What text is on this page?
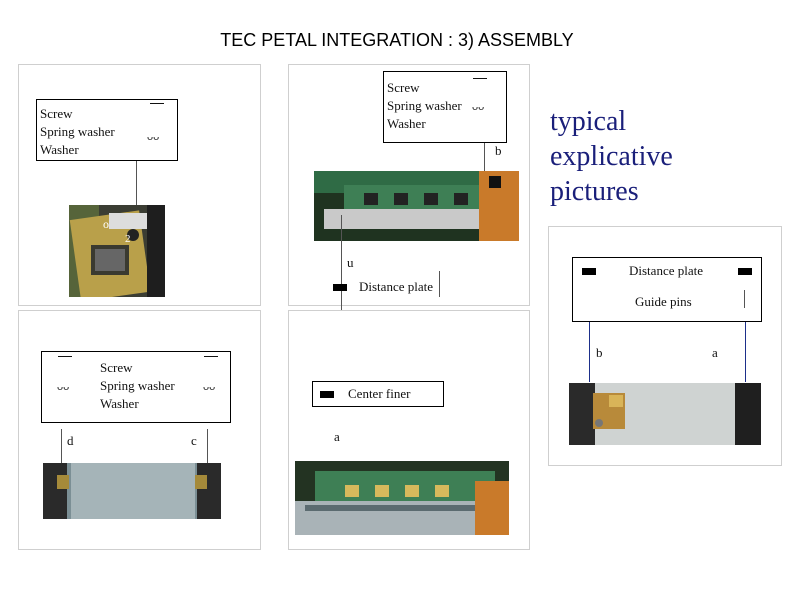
TEC PETAL INTEGRATION : 3) ASSEMBLY
Screw
Spring washer
Washer
ᴗᴗ
o
2
Screw
Spring washer
Washer
ᴗᴗ
b
u
Distance plate
typical
explicative
pictures
Screw
Spring washer
Washer
ᴗᴗ	ᴗᴗ
d	c
Center finer
a
Distance plate
Guide pins
b	a
